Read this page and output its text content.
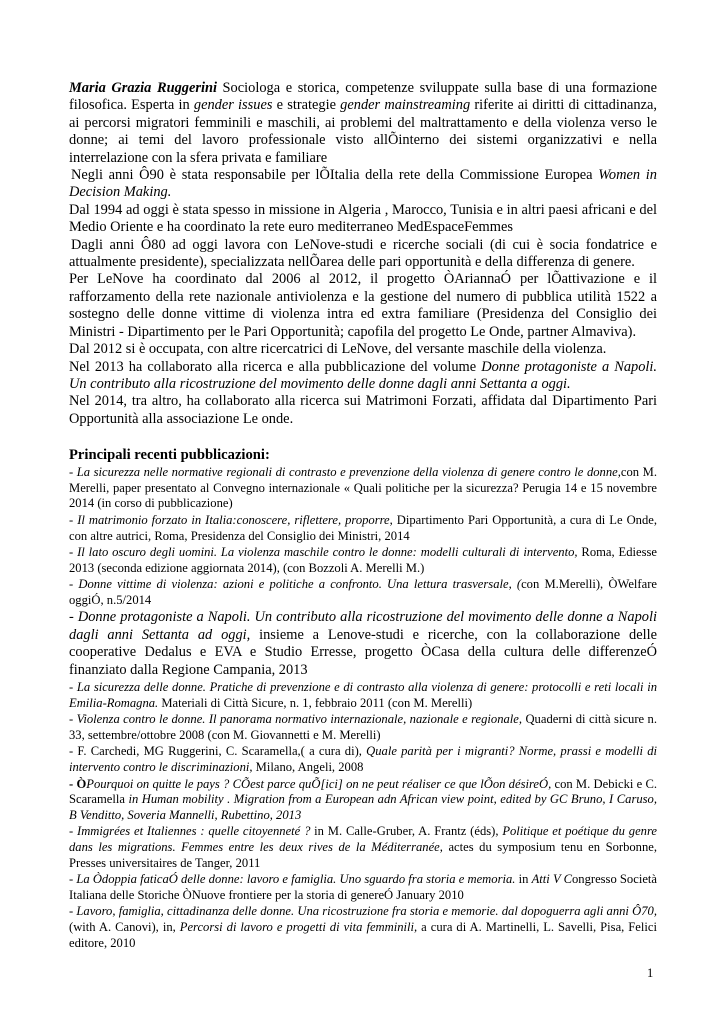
Maria Grazia Ruggerini Sociologa e storica, competenze sviluppate sulla base di una formazione filosofica. Esperta in gender issues e strategie gender mainstreaming riferite ai diritti di cittadinanza, ai percorsi migratori femminili e maschili, ai problemi del maltrattamento e della violenza verso le donne; ai temi del lavoro professionale visto allÕinterno dei sistemi organizzativi e nella interrelazione con la sfera privata e familiare

Negli anni Ô90 è stata responsabile per lÕItalia della rete della Commissione Europea Women in Decision Making.

Dal 1994 ad oggi è stata spesso in missione in Algeria , Marocco, Tunisia e in altri paesi africani e del Medio Oriente e ha coordinato la rete euro mediterraneo MedEspaceFemmes

Dagli anni Ô80 ad oggi lavora con LeNove-studi e ricerche sociali (di cui è socia fondatrice e attualmente presidente), specializzata nellÕarea delle pari opportunità e della differenza di genere.

Per LeNove ha coordinato dal 2006 al 2012, il progetto ÒAriannaÓ per lÕattivazione e il rafforzamento della rete nazionale antiviolenza e la gestione del numero di pubblica utilità 1522 a sostegno delle donne vittime di violenza intra ed extra familiare (Presidenza del Consiglio dei Ministri - Dipartimento per le Pari Opportunità; capofila del progetto Le Onde, partner Almaviva).

Dal 2012 si è occupata, con altre ricercatrici di LeNove, del versante maschile della violenza.

Nel 2013 ha collaborato alla ricerca e alla pubblicazione del volume Donne protagoniste a Napoli. Un contributo alla ricostruzione del movimento delle donne dagli anni Settanta a oggi.

Nel 2014, tra altro, ha collaborato alla ricerca sui Matrimoni Forzati, affidata dal Dipartimento Pari Opportunità alla associazione Le onde.

Principali recenti pubblicazioni:

- La sicurezza nelle normative regionali di contrasto e prevenzione della violenza di genere contro le donne,con M. Merelli, paper presentato al Convegno internazionale « Quali politiche per la sicurezza? Perugia 14 e 15 novembre 2014 (in corso di pubblicazione)

- Il matrimonio forzato in Italia:conoscere, riflettere, proporre, Dipartimento Pari Opportunità, a cura di Le Onde, con altre autrici, Roma, Presidenza del Consiglio dei Ministri, 2014

- Il lato oscuro degli uomini. La violenza maschile contro le donne: modelli culturali di intervento, Roma, Ediesse 2013 (seconda edizione aggiornata 2014), (con Bozzoli A. Merelli M.)

- Donne vittime di violenza: azioni e politiche a confronto. Una lettura trasversale, (con M.Merelli), ÒWelfare oggiÓ, n.5/2014

- Donne protagoniste a Napoli. Un contributo alla ricostruzione del movimento delle donne a Napoli dagli anni Settanta ad oggi, insieme a Lenove-studi e ricerche, con la collaborazione delle cooperative Dedalus e EVA e Studio Erresse, progetto ÒCasa della cultura delle differenzeÓ finanziato dalla Regione Campania, 2013

- La sicurezza delle donne. Pratiche di prevenzione e di contrasto alla violenza di genere: protocolli e reti locali in Emilia-Romagna. Materiali di Città Sicure, n. 1, febbraio 2011 (con M. Merelli)

- Violenza contro le donne. Il panorama normativo internazionale, nazionale e regionale, Quaderni di città sicure n. 33, settembre/ottobre 2008 (con M. Giovannetti e M. Merelli)

- F. Carchedi, MG Ruggerini, C. Scaramella,( a cura di), Quale parità per i migranti? Norme, prassi e modelli di intervento contro le discriminazioni, Milano, Angeli, 2008

- ÒPourquoi on quitte le pays ? CÕest parce quÕ[ici] on ne peut réaliser ce que lÕon désireÓ, con M. Debicki e C. Scaramella in Human mobility . Migration from a European adn African view point, edited by GC Bruno, I Caruso, B Venditto, Soveria Mannelli, Rubettino, 2013

- Immigrées et Italiennes : quelle citoyenneté ? in M. Calle-Gruber, A. Frantz (éds), Politique et poétique du genre dans les migrations. Femmes entre les deux rives de la Méditerranée, actes du symposium tenu en Sorbonne, Presses universitaires de Tanger, 2011

- La Òdoppia faticaÓ delle donne: lavoro e famiglia. Uno sguardo fra storia e memoria. in Atti V Congresso Società Italiana delle Storiche ÒNuove frontiere per la storia di genereÓ January 2010

- Lavoro, famiglia, cittadinanza delle donne. Una ricostruzione fra storia e memorie. dal dopoguerra agli anni Ô70, (with A. Canovi), in, Percorsi di lavoro e progetti di vita femminili, a cura di A. Martinelli, L. Savelli, Pisa, Felici editore, 2010

1
